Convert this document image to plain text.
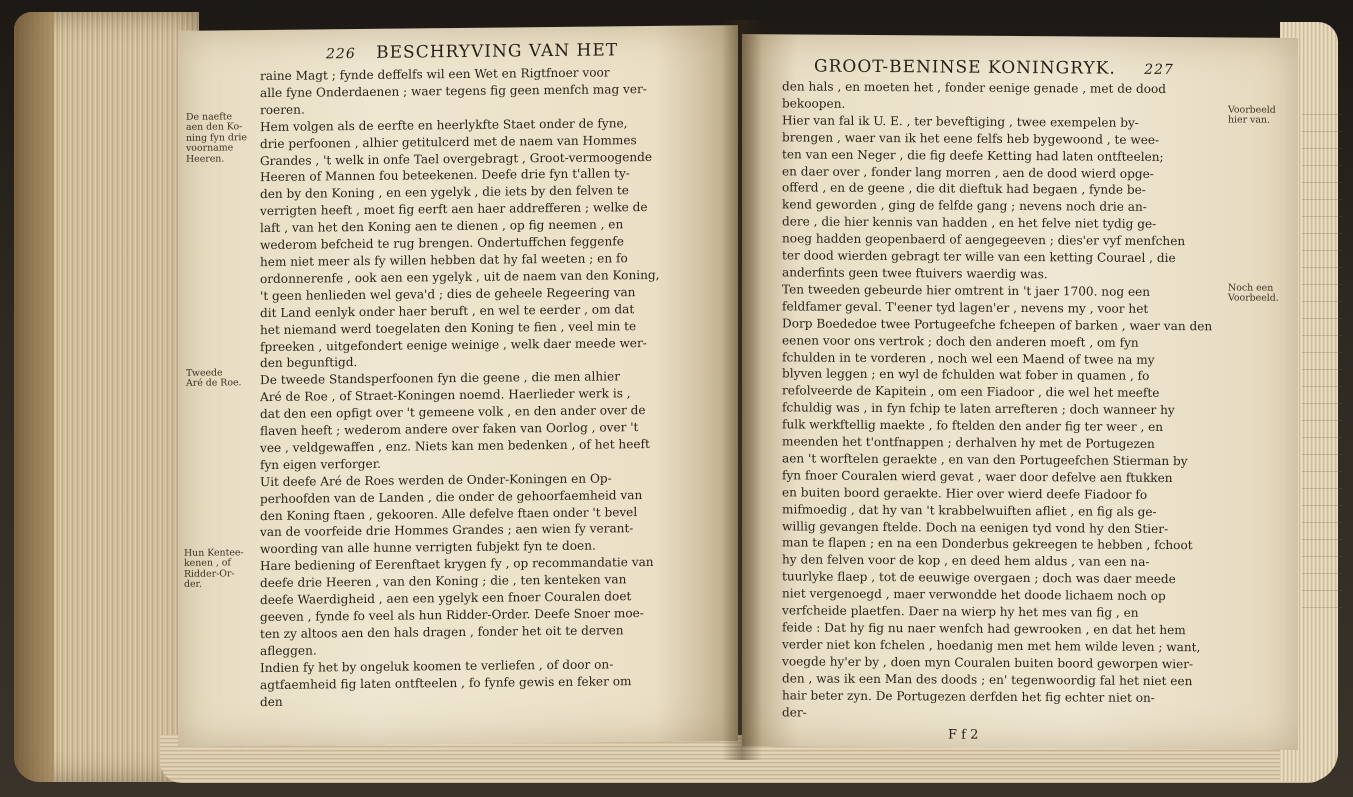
226 BESCHRYVING VAN HET
De naefte
aen den Ko-
ning fyn drie
voorname
Heeren.
Tweede
Aré de Roe.
Hun Kentee-
kenen , of
Ridder-Or-
der.
raine Magt ; fynde deffelfs wil een Wet en Rigtfnoer voor
alle fyne Onderdaenen ; waer tegens fig geen menfch mag ver-
roeren.
Hem volgen als de eerfte en heerlykfte Staet onder de fyne,
drie perfoonen , alhier getitulcerd met de naem van Hommes
Grandes , 't welk in onfe Tael overgebragt , Groot-vermoogende
Heeren of Mannen fou beteekenen. Deefe drie fyn t'allen ty-
den by den Koning , en een ygelyk , die iets by den felven te
verrigten heeft , moet fig eerft aen haer addrefferen ; welke de
laft , van het den Koning aen te dienen , op fig neemen , en
wederom befcheid te rug brengen. Ondertuffchen feggenfe
hem niet meer als fy willen hebben dat hy fal weeten ; en fo
ordonnerenfe , ook aen een ygelyk , uit de naem van den Koning,
't geen henlieden wel geva'd ; dies de geheele Regeering van
dit Land eenlyk onder haer beruft , en wel te eerder , om dat
het niemand werd toegelaten den Koning te fien , veel min te
fpreeken , uitgefondert eenige weinige , welk daer meede wer-
den begunftigd.
De tweede Standsperfoonen fyn die geene , die men alhier
Aré de Roe , of Straet-Koningen noemd. Haerlieder werk is ,
dat den een opfigt over 't gemeene volk , en den ander over de
flaven heeft ; wederom andere over faken van Oorlog , over 't
vee , veldgewaffen , enz. Niets kan men bedenken , of het heeft
fyn eigen verforger.
Uit deefe Aré de Roes werden de Onder-Koningen en Op-
perhoofden van de Landen , die onder de gehoorfaemheid van
den Koning ftaen , gekooren. Alle defelve ftaen onder 't bevel
van de voorfeide drie Hommes Grandes ; aen wien fy verant-
woording van alle hunne verrigten fubjekt fyn te doen.
Hare bediening of Eerenftaet krygen fy , op recommandatie van
deefe drie Heeren , van den Koning ; die , ten kenteken van
deefe Waerdigheid , aen een ygelyk een fnoer Couralen doet
geeven , fynde fo veel als hun Ridder-Order. Deefe Snoer moe-
ten zy altoos aen den hals dragen , fonder het oit te derven
afleggen.
Indien fy het by ongeluk koomen te verliefen , of door on-
agtfaemheid fig laten ontfteelen , fo fynfe gewis en feker om
den
GROOT-BENINSE KONINGRYK. 227
den hals , en moeten het , fonder eenige genade , met de dood
bekoopen.
Hier van fal ik U. E. , ter beveftiging , twee exempelen by-
brengen , waer van ik het eene felfs heb bygewoond , te wee-
ten van een Neger , die fig deefe Ketting had laten ontfteelen;
en daer over , fonder lang morren , aen de dood wierd opge-
offerd , en de geene , die dit dieftuk had begaen , fynde be-
kend geworden , ging de felfde gang ; nevens noch drie an-
dere , die hier kennis van hadden , en het felve niet tydig ge-
noeg hadden geopenbaerd of aengegeeven ; dies'er vyf menfchen
ter dood wierden gebragt ter wille van een ketting Courael , die
anderfints geen twee ftuivers waerdig was.
Ten tweeden gebeurde hier omtrent in 't jaer 1700. nog een
feldfamer geval. T'eener tyd lagen'er , nevens my , voor het
Dorp Boededoe twee Portugeefche fcheepen of barken , waer van den
eenen voor ons vertrok ; doch den anderen moeft , om fyn
fchulden in te vorderen , noch wel een Maend of twee na my
blyven leggen ; en wyl de fchulden wat fober in quamen , fo
refolveerde de Kapitein , om een Fiadoor , die wel het meefte
fchuldig was , in fyn fchip te laten arrefteren ; doch wanneer hy
fulk werkftellig maekte , fo ftelden den ander fig ter weer , en
meenden het t'ontfnappen ; derhalven hy met de Portugezen
aen 't worftelen geraekte , en van den Portugeefchen Stierman by
fyn fnoer Couralen wierd gevat , waer door defelve aen ftukken
en buiten boord geraekte. Hier over wierd deefe Fiadoor fo
mifmoedig , dat hy van 't krabbelwuiften afliet , en fig als ge-
willig gevangen ftelde. Doch na eenigen tyd vond hy den Stier-
man te flapen ; en na een Donderbus gekreegen te hebben , fchoot
hy den felven voor de kop , en deed hem aldus , van een na-
tuurlyke flaep , tot de eeuwige overgaen ; doch was daer meede
niet vergenoegd , maer verwondde het doode lichaem noch op
verfcheide plaetfen. Daer na wierp hy het mes van fig , en
feide : Dat hy fig nu naer wenfch had gewrooken , en dat het hem
verder niet kon fchelen , hoedanig men met hem wilde leven ; want,
voegde hy'er by , doen myn Couralen buiten boord geworpen wier-
den , was ik een Man des doods ; en' tegenwoordig fal het niet een
hair beter zyn. De Portugezen derfden het fig echter niet on-
der-
Voorbeeld
hier van.
Noch een
Voorbeeld.
F f 2
